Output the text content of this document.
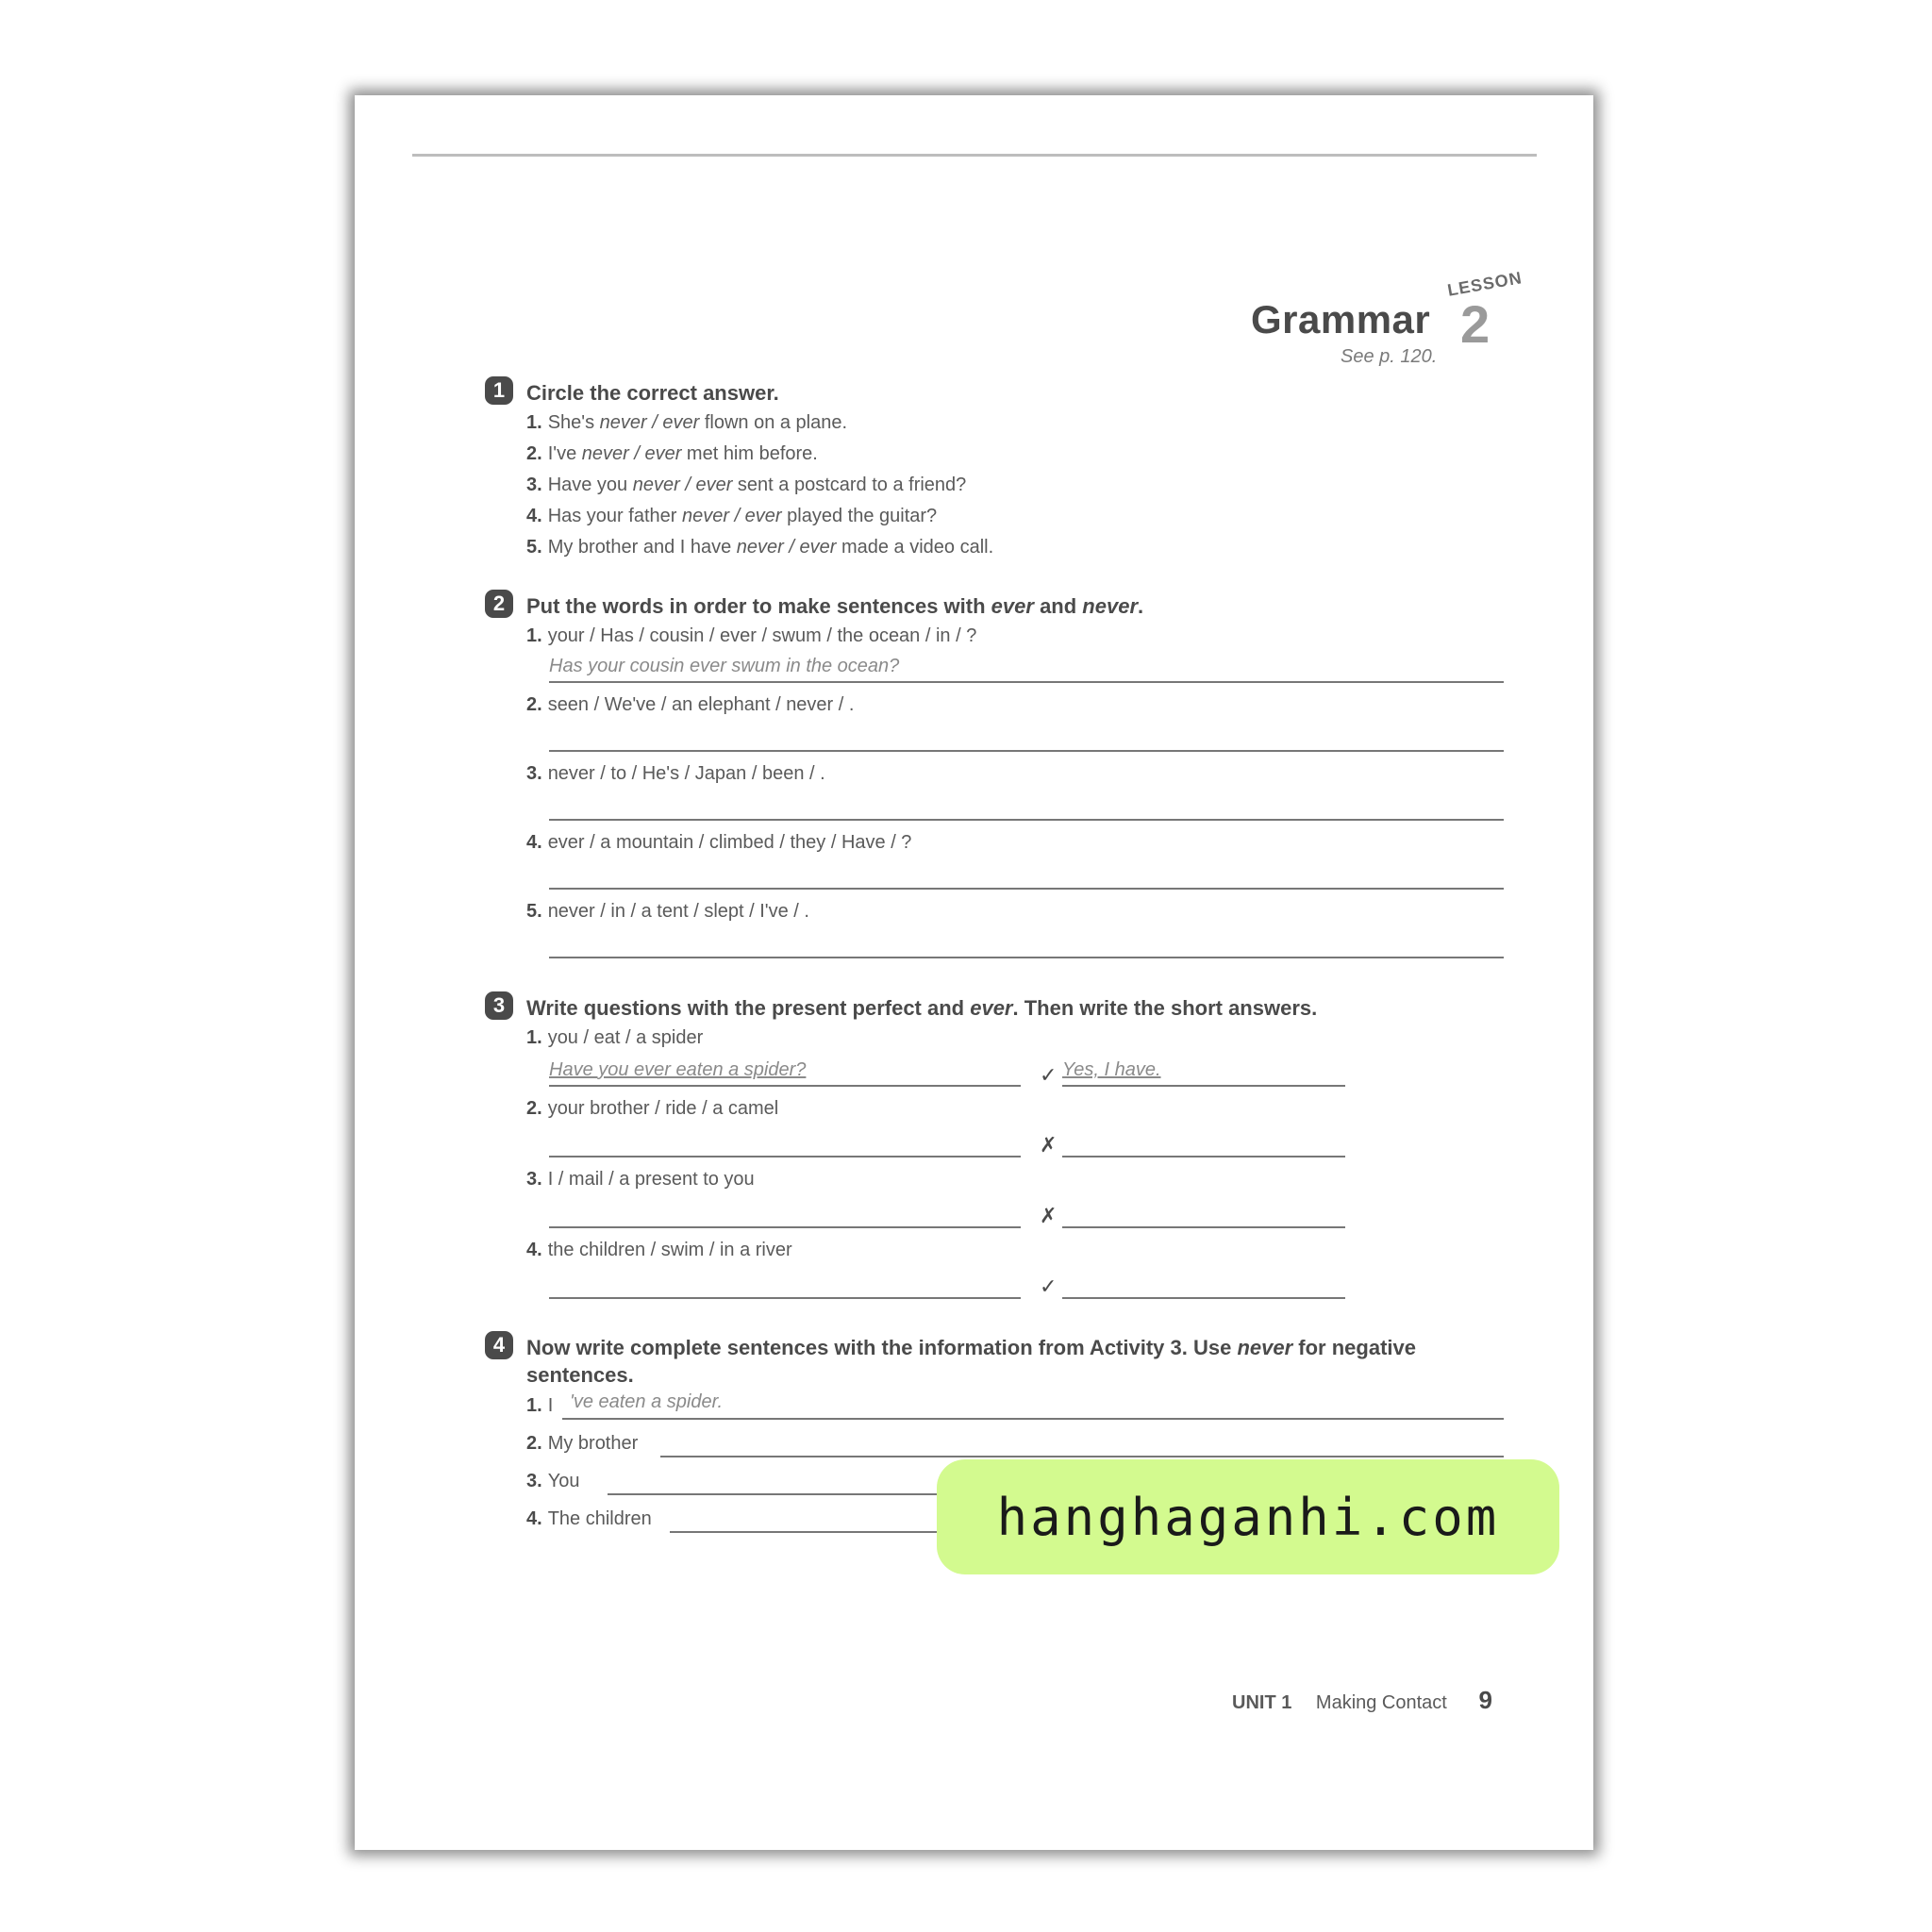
Grammar
See p. 120.
LESSON
2
1	Circle the correct answer.
1. She's never / ever flown on a plane.
2. I've never / ever met him before.
3. Have you never / ever sent a postcard to a friend?
4. Has your father never / ever played the guitar?
5. My brother and I have never / ever made a video call.
2	Put the words in order to make sentences with ever and never.
1. your / Has / cousin / ever / swum / the ocean / in / ?
Has your cousin ever swum in the ocean?
2. seen / We've / an elephant / never / .
3. never / to / He's / Japan / been / .
4. ever / a mountain / climbed / they / Have / ?
5. never / in / a tent / slept / I've / .
3	Write questions with the present perfect and ever. Then write the short answers.
1. you / eat / a spider
Have you ever eaten a spider?	✓ Yes, I have.
2. your brother / ride / a camel
✗
3. I / mail / a present to you
✗
4. the children / swim / in a river
✓
4	Now write complete sentences with the information from Activity 3. Use never for negative sentences.
1. I 've eaten a spider.
2. My brother
3. You
4. The children
UNIT 1 Making Contact 9
hanghaganhi.com
